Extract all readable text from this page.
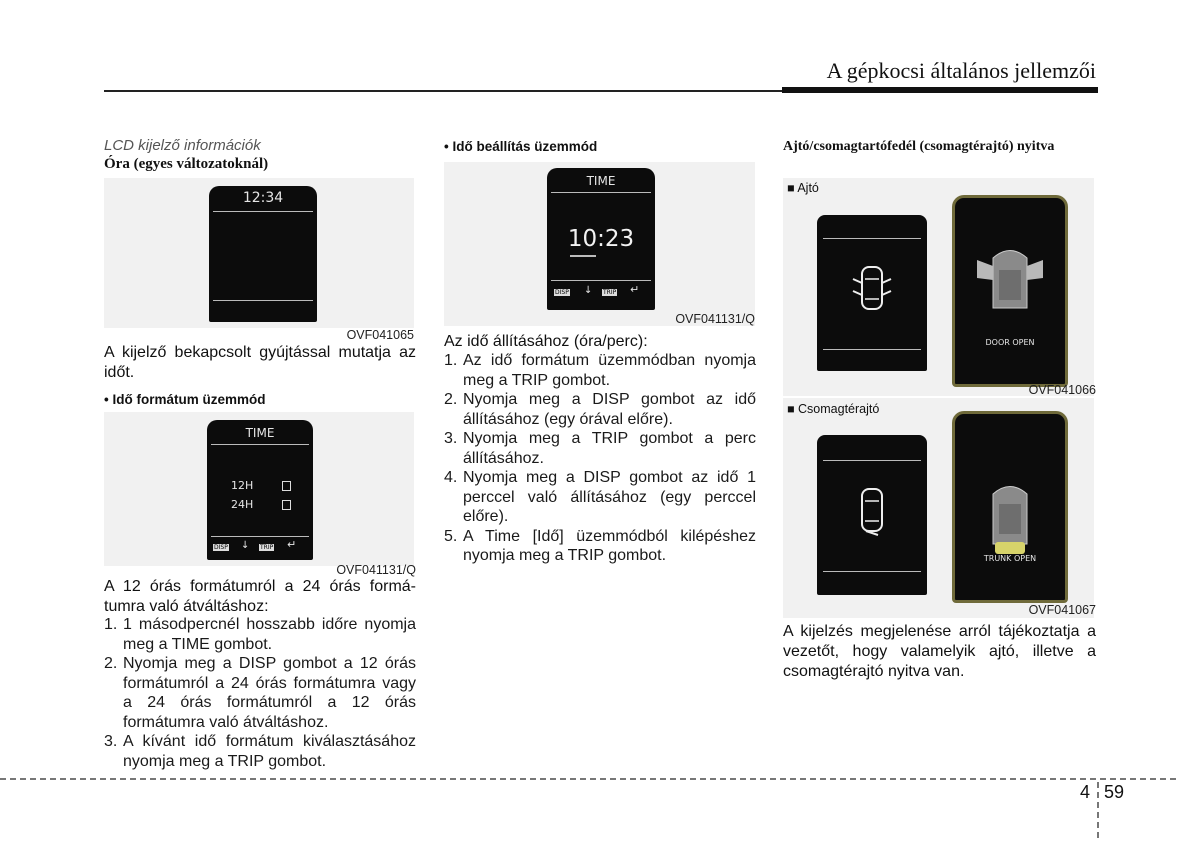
A gépkocsi általános jellemzői
LCD kijelző információk
Óra (egyes változatoknál)
12:34
OVF041065
A kijelző bekapcsolt gyújtással mutatja az időt.
• Idő formátum üzemmód
TIME
12H
24H
DISP ↓ TRIP ↵
OVF041131/Q
A 12 órás formátumról a 24 órás formá-
tumra való átváltáshoz:
1. 1 másodpercnél hosszabb időre nyomja meg a TIME gombot.
2. Nyomja meg a DISP gombot a 12 órás formátumról a 24 órás formátumra vagy a 24 órás formátumról a 12 órás formátumra való átváltáshoz.
3. A kívánt idő formátum kiválasztásához nyomja meg a TRIP gombot.
• Idő beállítás üzemmód
TIME
10:23
DISP ↓ TRIP ↵
OVF041131/Q
Az idő állításához (óra/perc):
1. Az idő formátum üzemmódban nyomja meg a TRIP gombot.
2. Nyomja meg a DISP gombot az idő állításához (egy órával előre).
3. Nyomja meg a TRIP gombot a perc állításához.
4. Nyomja meg a DISP gombot az idő 1 perccel való állításához (egy perccel előre).
5. A Time [Idő] üzemmódból kilépéshez nyomja meg a TRIP gombot.
Ajtó/csomagtartófedél (csomagtérajtó) nyitva
■ Ajtó
DOOR OPEN
OVF041066
■ Csomagtérajtó
TRUNK OPEN
OVF041067
A kijelzés megjelenése arról tájékoztatja a vezetőt, hogy valamelyik ajtó, illetve a csomagtérajtó nyitva van.
4 59
